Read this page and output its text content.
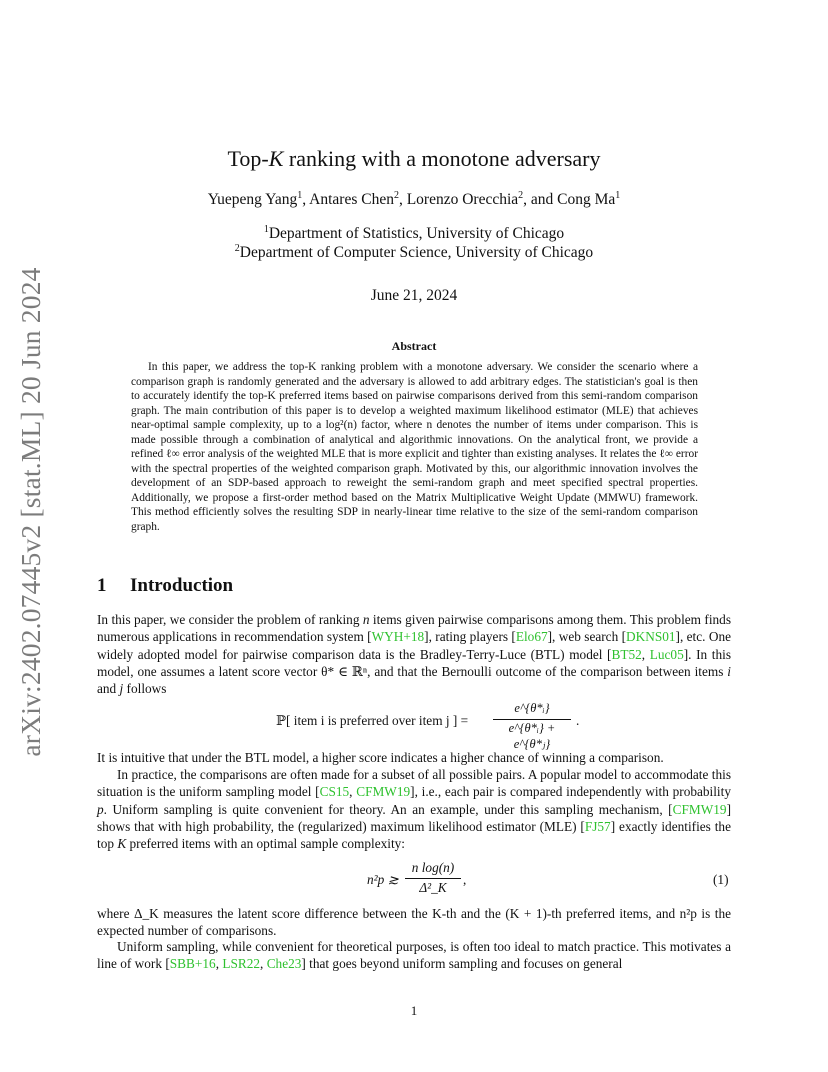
arXiv:2402.07445v2 [stat.ML] 20 Jun 2024
Top-K ranking with a monotone adversary
Yuepeng Yang$^1$, Antares Chen$^2$, Lorenzo Orecchia$^2$, and Cong Ma$^1$
$^1$Department of Statistics, University of Chicago
$^2$Department of Computer Science, University of Chicago
June 21, 2024
Abstract
In this paper, we address the top-K ranking problem with a monotone adversary. We consider the scenario where a comparison graph is randomly generated and the adversary is allowed to add arbitrary edges. The statistician's goal is then to accurately identify the top-K preferred items based on pairwise comparisons derived from this semi-random comparison graph. The main contribution of this paper is to develop a weighted maximum likelihood estimator (MLE) that achieves near-optimal sample complexity, up to a log²(n) factor, where n denotes the number of items under comparison. This is made possible through a combination of analytical and algorithmic innovations. On the analytical front, we provide a refined ℓ∞ error analysis of the weighted MLE that is more explicit and tighter than existing analyses. It relates the ℓ∞ error with the spectral properties of the weighted comparison graph. Motivated by this, our algorithmic innovation involves the development of an SDP-based approach to reweight the semi-random graph and meet specified spectral properties. Additionally, we propose a first-order method based on the Matrix Multiplicative Weight Update (MMWU) framework. This method efficiently solves the resulting SDP in nearly-linear time relative to the size of the semi-random comparison graph.
1 Introduction

In this paper, we consider the problem of ranking n items given pairwise comparisons among them. This problem finds numerous applications in recommendation system [WYH+18], rating players [Elo67], web search [DKNS01], etc. One widely adopted model for pairwise comparison data is the Bradley-Terry-Luce (BTL) model [BT52, Luc05]. In this model, one assumes a latent score vector θ* ∈ ℝⁿ, and that the Bernoulli outcome of the comparison between items i and j follows

ℙ[ item i is preferred over item j ] =
e^{θ*ᵢ}
e^{θ*ᵢ} + e^{θ*ⱼ}
.

It is intuitive that under the BTL model, a higher score indicates a higher chance of winning a comparison.

In practice, the comparisons are often made for a subset of all possible pairs. A popular model to accommodate this situation is the uniform sampling model [CS15, CFMW19], i.e., each pair is compared independently with probability p. Uniform sampling is quite convenient for theory. An an example, under this sampling mechanism, [CFMW19] shows that with high probability, the (regularized) maximum likelihood estimator (MLE) [FJ57] exactly identifies the top K preferred items with an optimal sample complexity:

n²p ≳
n log(n)
Δ²_K
,	(1)

where Δ_K measures the latent score difference between the K-th and the (K + 1)-th preferred items, and n²p is the expected number of comparisons.

Uniform sampling, while convenient for theoretical purposes, is often too ideal to match practice. This motivates a line of work [SBB+16, LSR22, Che23] that goes beyond uniform sampling and focuses on general

1
